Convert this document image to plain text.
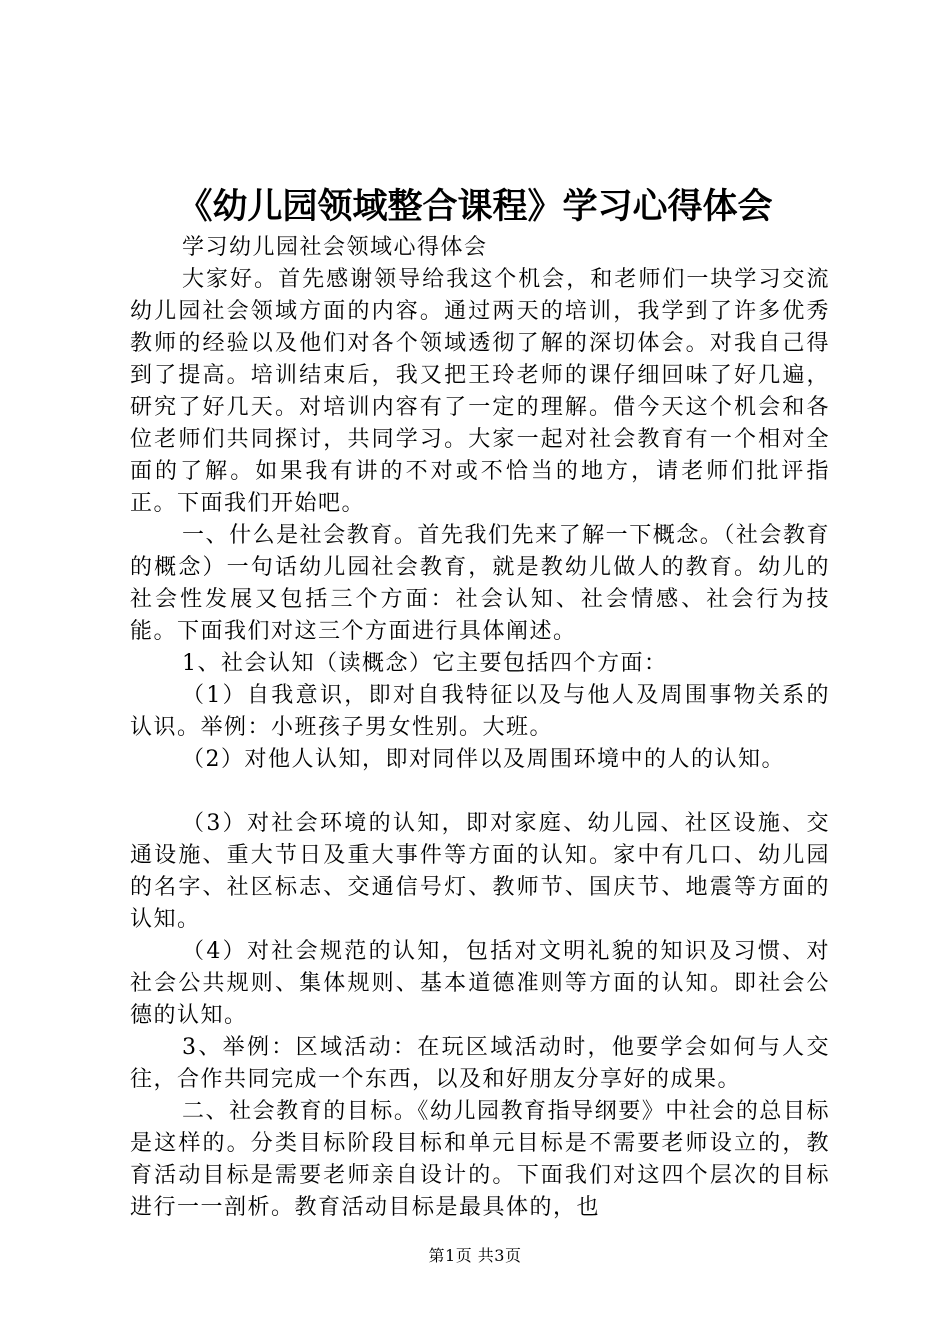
《幼儿园领域整合课程》学习心得体会

学习幼儿园社会领域心得体会

大家好。首先感谢领导给我这个机会，和老师们一块学习交流幼儿园社会领域方面的内容。通过两天的培训，我学到了许多优秀教师的经验以及他们对各个领域透彻了解的深切体会。对我自己得到了提高。培训结束后，我又把王玲老师的课仔细回味了好几遍，研究了好几天。对培训内容有了一定的理解。借今天这个机会和各位老师们共同探讨，共同学习。大家一起对社会教育有一个相对全面的了解。如果我有讲的不对或不恰当的地方，请老师们批评指正。下面我们开始吧。

一、什么是社会教育。首先我们先来了解一下概念。（社会教育的概念）一句话幼儿园社会教育，就是教幼儿做人的教育。幼儿的社会性发展又包括三个方面：社会认知、社会情感、社会行为技能。下面我们对这三个方面进行具体阐述。

1、社会认知（读概念）它主要包括四个方面：

（1）自我意识，即对自我特征以及与他人及周围事物关系的认识。举例：小班孩子男女性别。大班。

（2）对他人认知，即对同伴以及周围环境中的人的认知。

（3）对社会环境的认知，即对家庭、幼儿园、社区设施、交通设施、重大节日及重大事件等方面的认知。家中有几口、幼儿园的名字、社区标志、交通信号灯、教师节、国庆节、地震等方面的认知。

（4）对社会规范的认知，包括对文明礼貌的知识及习惯、对社会公共规则、集体规则、基本道德准则等方面的认知。即社会公德的认知。

3、举例：区域活动：在玩区域活动时，他要学会如何与人交往，合作共同完成一个东西，以及和好朋友分享好的成果。

二、社会教育的目标。《幼儿园教育指导纲要》中社会的总目标是这样的。分类目标阶段目标和单元目标是不需要老师设立的，教育活动目标是需要老师亲自设计的。下面我们对这四个层次的目标进行一一剖析。教育活动目标是最具体的，也

第1页 共3页
